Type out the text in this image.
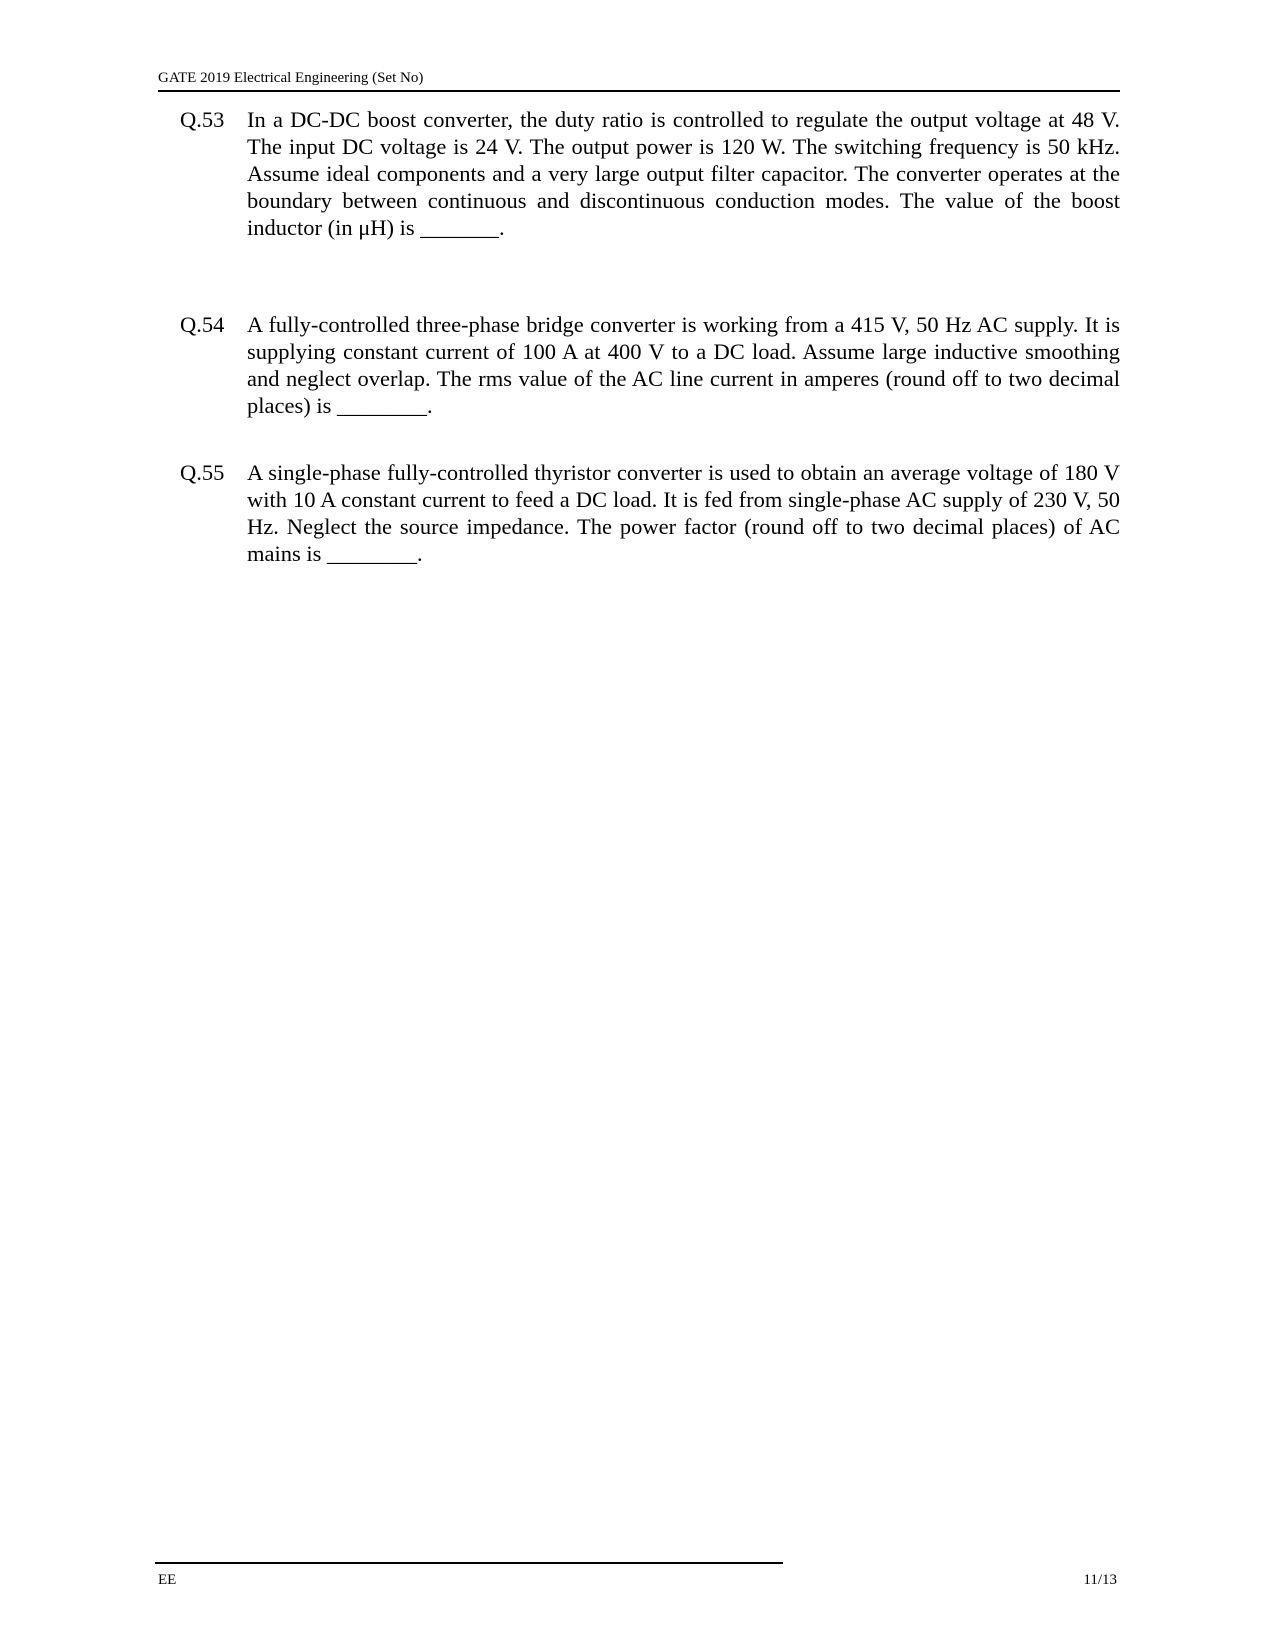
GATE 2019 Electrical Engineering (Set No)
Q.53	In a DC-DC boost converter, the duty ratio is controlled to regulate the output voltage at 48 V. The input DC voltage is 24 V. The output power is 120 W. The switching frequency is 50 kHz. Assume ideal components and a very large output filter capacitor. The converter operates at the boundary between continuous and discontinuous conduction modes. The value of the boost inductor (in μH) is _______.
Q.54	A fully-controlled three-phase bridge converter is working from a 415 V, 50 Hz AC supply. It is supplying constant current of 100 A at 400 V to a DC load. Assume large inductive smoothing and neglect overlap. The rms value of the AC line current in amperes (round off to two decimal places) is ________.
Q.55	A single-phase fully-controlled thyristor converter is used to obtain an average voltage of 180 V with 10 A constant current to feed a DC load. It is fed from single-phase AC supply of 230 V, 50 Hz. Neglect the source impedance. The power factor (round off to two decimal places) of AC mains is ________.
EE	11/13
